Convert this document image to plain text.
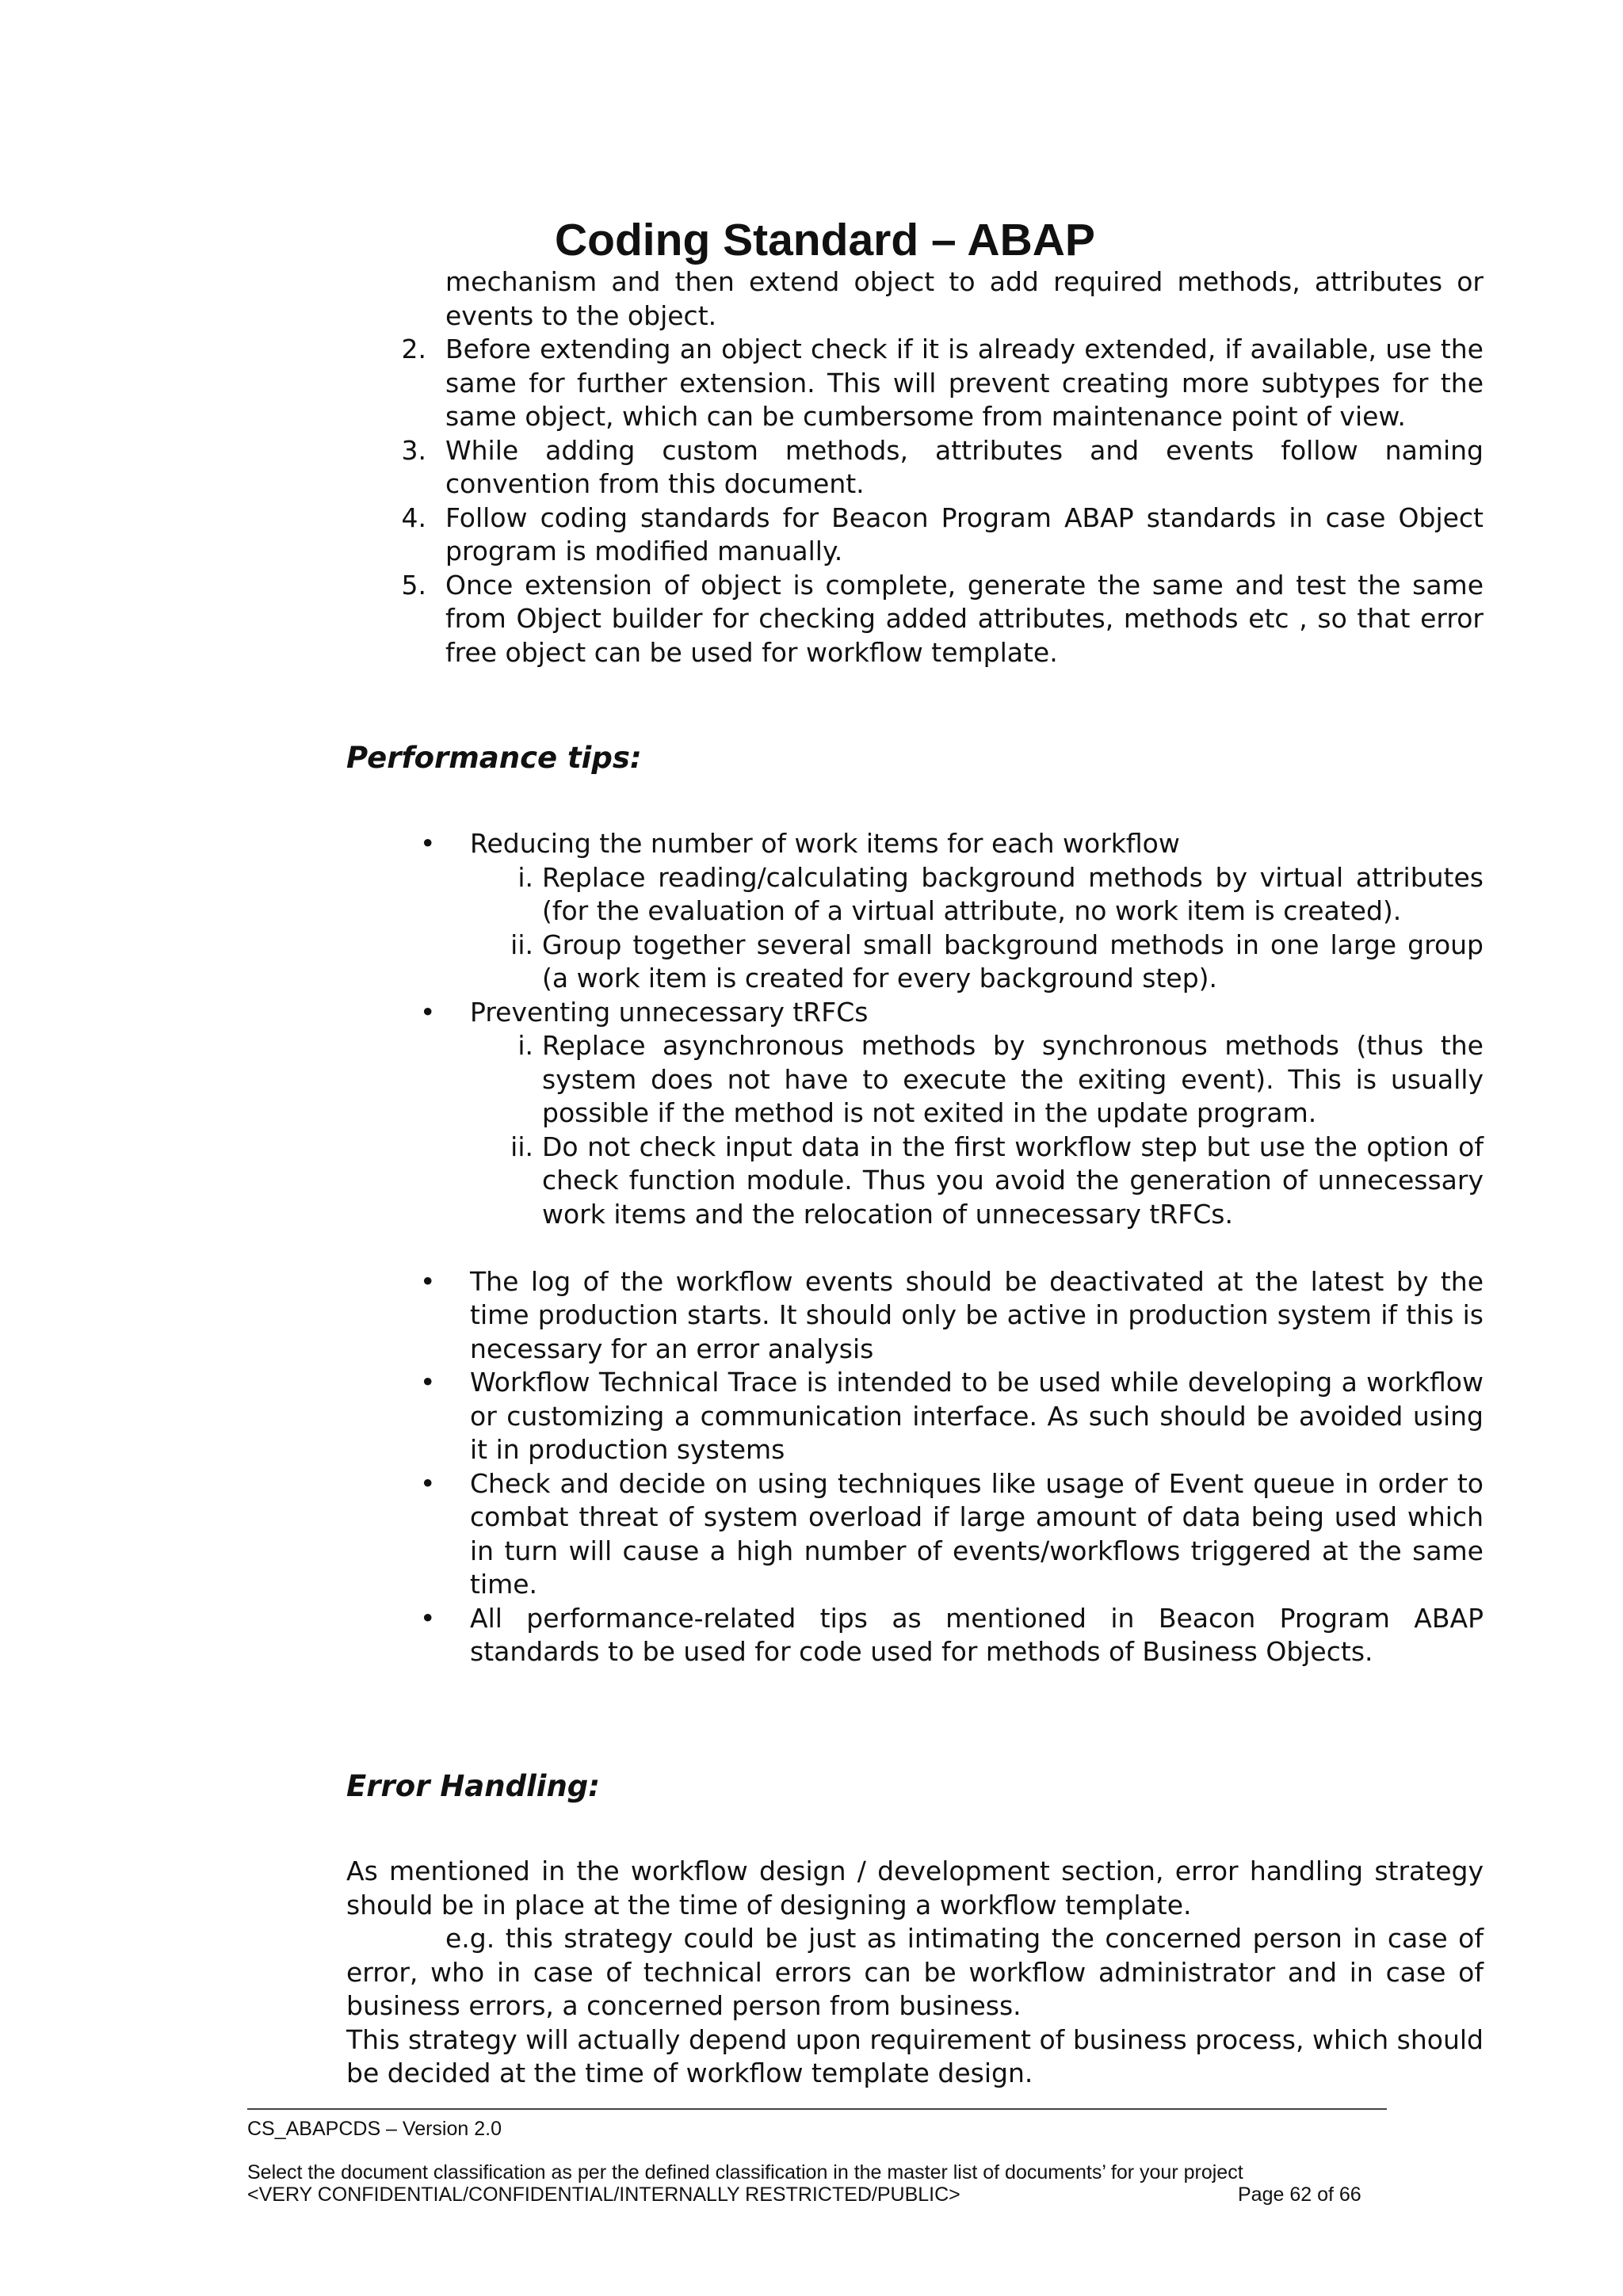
Coding Standard – ABAP
mechanism and then extend object to add required methods, attributes or events to the object.
2. Before extending an object check if it is already extended, if available, use the same for further extension. This will prevent creating more subtypes for the same object, which can be cumbersome from maintenance point of view.
3. While adding custom methods, attributes and events follow naming convention from this document.
4. Follow coding standards for Beacon Program ABAP standards in case Object program is modified manually.
5. Once extension of object is complete, generate the same and test the same from Object builder for checking added attributes, methods etc , so that error free object can be used for workflow template.
Performance tips:
• Reducing the number of work items for each workflow
i. Replace reading/calculating background methods by virtual attributes (for the evaluation of a virtual attribute, no work item is created).
ii. Group together several small background methods in one large group (a work item is created for every background step).
• Preventing unnecessary tRFCs
i. Replace asynchronous methods by synchronous methods (thus the system does not have to execute the exiting event). This is usually possible if the method is not exited in the update program.
ii. Do not check input data in the first workflow step but use the option of check function module. Thus you avoid the generation of unnecessary work items and the relocation of unnecessary tRFCs.
• The log of the workflow events should be deactivated at the latest by the time production starts. It should only be active in production system if this is necessary for an error analysis
• Workflow Technical Trace is intended to be used while developing a workflow or customizing a communication interface. As such should be avoided using it in production systems
• Check and decide on using techniques like usage of Event queue in order to combat threat of system overload if large amount of data being used which in turn will cause a high number of events/workflows triggered at the same time.
• All performance-related tips as mentioned in Beacon Program ABAP standards to be used for code used for methods of Business Objects.
Error Handling:

As mentioned in the workflow design / development section, error handling strategy should be in place at the time of designing a workflow template.

e.g. this strategy could be just as intimating the concerned person in case of error, who in case of technical errors can be workflow administrator and in case of business errors, a concerned person from business.

This strategy will actually depend upon requirement of business process, which should be decided at the time of workflow template design.

CS_ABAPCDS – Version 2.0
Select the document classification as per the defined classification in the master list of documents’ for your project
<VERY CONFIDENTIAL/CONFIDENTIAL/INTERNALLY RESTRICTED/PUBLIC>	Page 62 of 66
